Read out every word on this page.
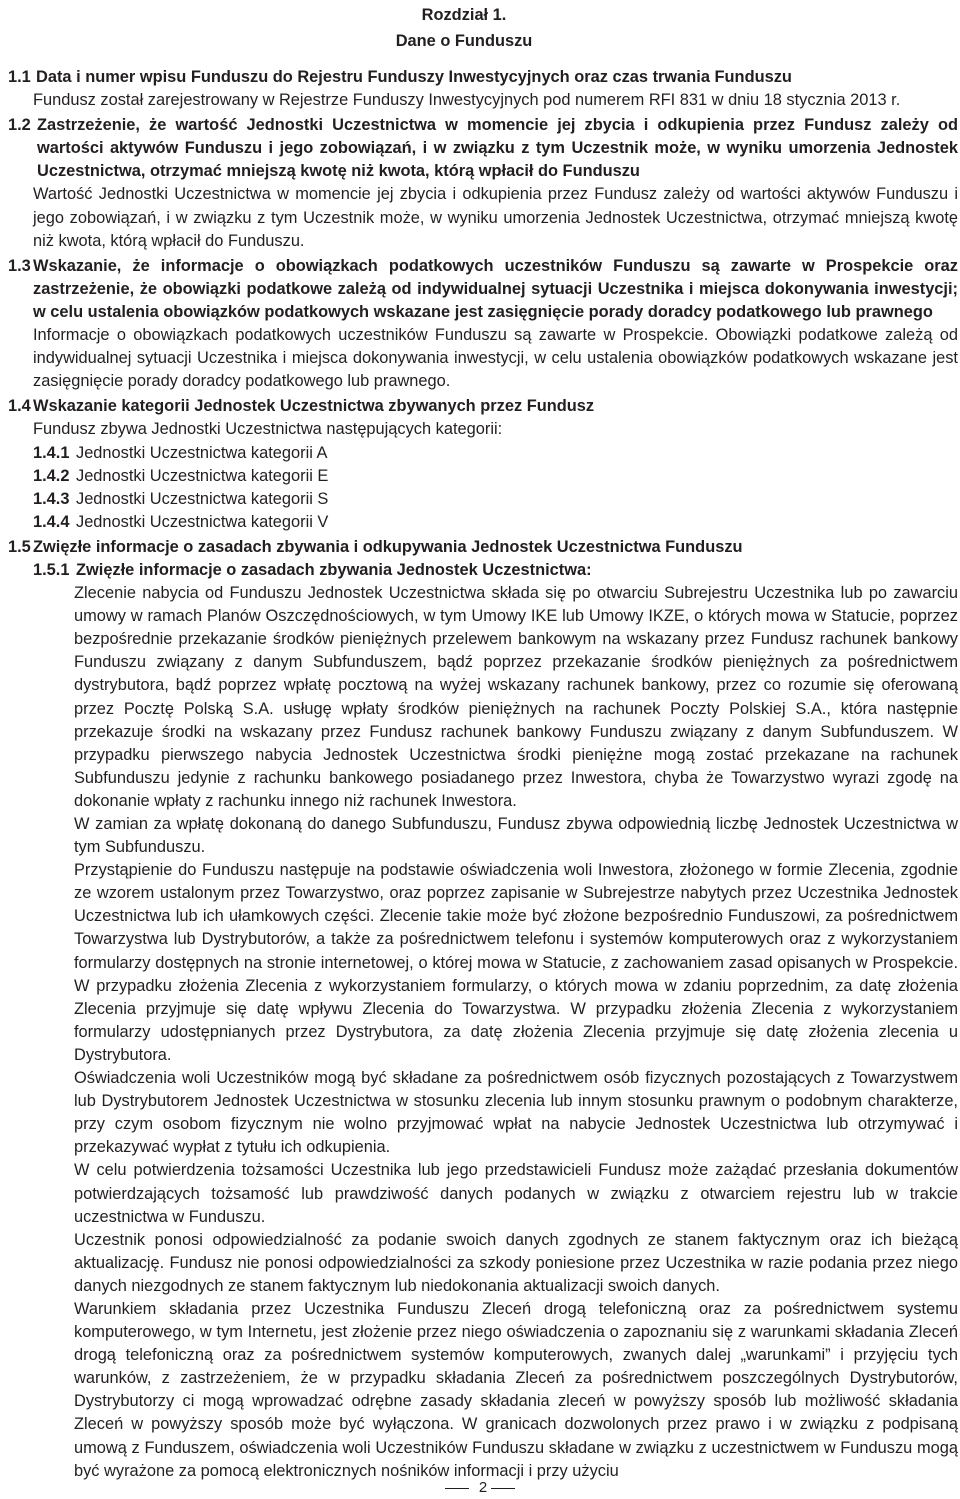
Rozdział 1.
Dane o Funduszu
1.1 Data i numer wpisu Funduszu do Rejestru Funduszy Inwestycyjnych oraz czas trwania Funduszu

Fundusz został zarejestrowany w Rejestrze Funduszy Inwestycyjnych pod numerem RFI 831 w dniu 18 stycznia 2013 r.

1.2 Zastrzeżenie, że wartość Jednostki Uczestnictwa w momencie jej zbycia i odkupienia przez Fundusz zależy od wartości aktywów Funduszu i jego zobowiązań, i w związku z tym Uczestnik może, w wyniku umorzenia Jednostek Uczestnictwa, otrzymać mniejszą kwotę niż kwota, którą wpłacił do Funduszu

Wartość Jednostki Uczestnictwa w momencie jej zbycia i odkupienia przez Fundusz zależy od wartości aktywów Funduszu i jego zobowiązań, i w związku z tym Uczestnik może, w wyniku umorzenia Jednostek Uczestnictwa, otrzymać mniejszą kwotę niż kwota, którą wpłacił do Funduszu.

1.3 Wskazanie, że informacje o obowiązkach podatkowych uczestników Funduszu są zawarte w Prospekcie oraz zastrzeżenie, że obowiązki podatkowe zależą od indywidualnej sytuacji Uczestnika i miejsca dokonywania inwestycji; w celu ustalenia obowiązków podatkowych wskazane jest zasięgnięcie porady doradcy podatkowego lub prawnego

Informacje o obowiązkach podatkowych uczestników Funduszu są zawarte w Prospekcie. Obowiązki podatkowe zależą od indywidualnej sytuacji Uczestnika i miejsca dokonywania inwestycji, w celu ustalenia obowiązków podatkowych wskazane jest zasięgnięcie porady doradcy podatkowego lub prawnego.

1.4 Wskazanie kategorii Jednostek Uczestnictwa zbywanych przez Fundusz

Fundusz zbywa Jednostki Uczestnictwa następujących kategorii:

1.4.1 Jednostki Uczestnictwa kategorii A
1.4.2 Jednostki Uczestnictwa kategorii E
1.4.3 Jednostki Uczestnictwa kategorii S
1.4.4 Jednostki Uczestnictwa kategorii V
1.5 Zwięzłe informacje o zasadach zbywania i odkupywania Jednostek Uczestnictwa Funduszu
1.5.1 Zwięzłe informacje o zasadach zbywania Jednostek Uczestnictwa:

Zlecenie nabycia od Funduszu Jednostek Uczestnictwa składa się po otwarciu Subrejestru Uczestnika lub po zawarciu umowy w ramach Planów Oszczędnościowych, w tym Umowy IKE lub Umowy IKZE, o których mowa w Statucie, poprzez bezpośrednie przekazanie środków pieniężnych przelewem bankowym na wskazany przez Fundusz rachunek bankowy Funduszu związany z danym Subfunduszem, bądź poprzez przekazanie środków pieniężnych za pośrednictwem dystrybutora, bądź poprzez wpłatę pocztową na wyżej wskazany rachunek bankowy, przez co rozumie się oferowaną przez Pocztę Polską S.A. usługę wpłaty środków pieniężnych na rachunek Poczty Polskiej S.A., która następnie przekazuje środki na wskazany przez Fundusz rachunek bankowy Funduszu związany z danym Subfunduszem. W przypadku pierwszego nabycia Jednostek Uczestnictwa środki pieniężne mogą zostać przekazane na rachunek Subfunduszu jedynie z rachunku bankowego posiadanego przez Inwestora, chyba że Towarzystwo wyrazi zgodę na dokonanie wpłaty z rachunku innego niż rachunek Inwestora.

W zamian za wpłatę dokonaną do danego Subfunduszu, Fundusz zbywa odpowiednią liczbę Jednostek Uczestnictwa w tym Subfunduszu.

Przystąpienie do Funduszu następuje na podstawie oświadczenia woli Inwestora, złożonego w formie Zlecenia, zgodnie ze wzorem ustalonym przez Towarzystwo, oraz poprzez zapisanie w Subrejestrze nabytych przez Uczestnika Jednostek Uczestnictwa lub ich ułamkowych części. Zlecenie takie może być złożone bezpośrednio Funduszowi, za pośrednictwem Towarzystwa lub Dystrybutorów, a także za pośrednictwem telefonu i systemów komputerowych oraz z wykorzystaniem formularzy dostępnych na stronie internetowej, o której mowa w Statucie, z zachowaniem zasad opisanych w Prospekcie. W przypadku złożenia Zlecenia z wykorzystaniem formularzy, o których mowa w zdaniu poprzednim, za datę złożenia Zlecenia przyjmuje się datę wpływu Zlecenia do Towarzystwa. W przypadku złożenia Zlecenia z wykorzystaniem formularzy udostępnianych przez Dystrybutora, za datę złożenia Zlecenia przyjmuje się datę złożenia zlecenia u Dystrybutora.

Oświadczenia woli Uczestników mogą być składane za pośrednictwem osób fizycznych pozostających z Towarzystwem lub Dystrybutorem Jednostek Uczestnictwa w stosunku zlecenia lub innym stosunku prawnym o podobnym charakterze, przy czym osobom fizycznym nie wolno przyjmować wpłat na nabycie Jednostek Uczestnictwa lub otrzymywać i przekazywać wypłat z tytułu ich odkupienia.

W celu potwierdzenia tożsamości Uczestnika lub jego przedstawicieli Fundusz może zażądać przesłania dokumentów potwierdzających tożsamość lub prawdziwość danych podanych w związku z otwarciem rejestru lub w trakcie uczestnictwa w Funduszu.

Uczestnik ponosi odpowiedzialność za podanie swoich danych zgodnych ze stanem faktycznym oraz ich bieżącą aktualizację. Fundusz nie ponosi odpowiedzialności za szkody poniesione przez Uczestnika w razie podania przez niego danych niezgodnych ze stanem faktycznym lub niedokonania aktualizacji swoich danych.

Warunkiem składania przez Uczestnika Funduszu Zleceń drogą telefoniczną oraz za pośrednictwem systemu komputerowego, w tym Internetu, jest złożenie przez niego oświadczenia o zapoznaniu się z warunkami składania Zleceń drogą telefoniczną oraz za pośrednictwem systemów komputerowych, zwanych dalej „warunkami” i przyjęciu tych warunków, z zastrzeżeniem, że w przypadku składania Zleceń za pośrednictwem poszczególnych Dystrybutorów, Dystrybutorzy ci mogą wprowadzać odrębne zasady składania zleceń w powyższy sposób lub możliwość składania Zleceń w powyższy sposób może być wyłączona. W granicach dozwolonych przez prawo i w związku z podpisaną umową z Funduszem, oświadczenia woli Uczestników Funduszu składane w związku z uczestnictwem w Funduszu mogą być wyrażone za pomocą elektronicznych nośników informacji i przy użyciu

2
